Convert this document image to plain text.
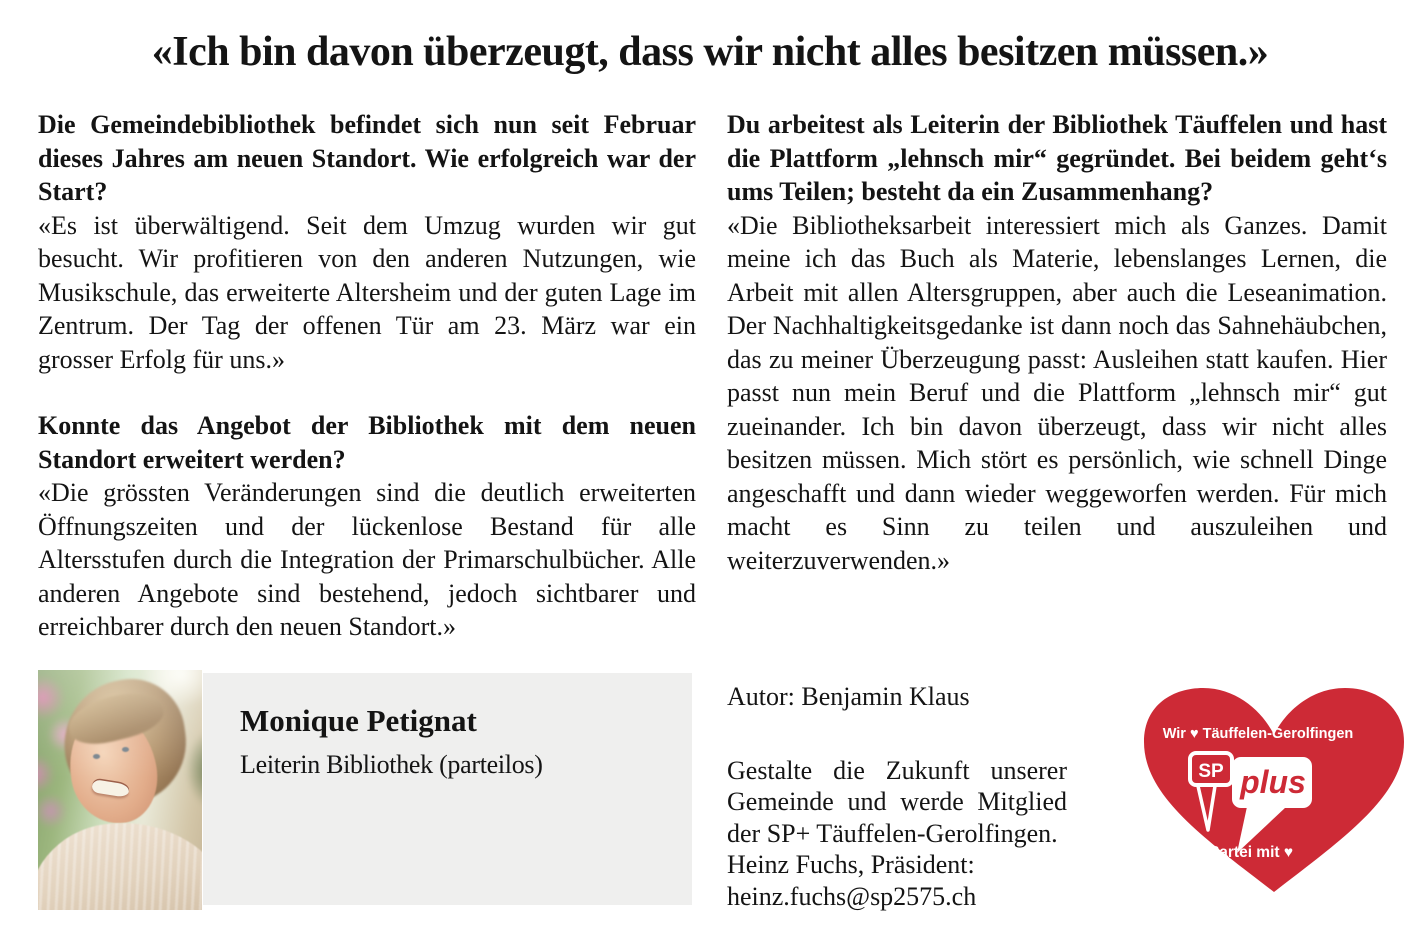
«Ich bin davon überzeugt, dass wir nicht alles besitzen müssen.»

Die Gemeindebibliothek befindet sich nun seit Februar dieses Jahres am neuen Standort. Wie erfolgreich war der Start?

«Es ist überwältigend. Seit dem Umzug wurden wir gut besucht. Wir profitieren von den anderen Nutzungen, wie Musikschule, das erweiterte Altersheim und der guten Lage im Zentrum. Der Tag der offenen Tür am 23. März war ein grosser Erfolg für uns.»

Konnte das Angebot der Bibliothek mit dem neuen Standort erweitert werden?

«Die grössten Veränderungen sind die deutlich erweiterten Öffnungszeiten und der lückenlose Bestand für alle Altersstufen durch die Integration der Primarschulbücher. Alle anderen Angebote sind bestehend, jedoch sichtbarer und erreichbarer durch den neuen Standort.»

Du arbeitest als Leiterin der Bibliothek Täuffelen und hast die Plattform „lehnsch mir“ gegründet. Bei beidem geht‘s ums Teilen; besteht da ein Zusammenhang?

«Die Bibliotheksarbeit interessiert mich als Ganzes. Damit meine ich das Buch als Materie, lebenslanges Lernen, die Arbeit mit allen Altersgruppen, aber auch die Leseanimation. Der Nachhaltigkeitsgedanke ist dann noch das Sahnehäubchen, das zu meiner Überzeugung passt: Ausleihen statt kaufen. Hier passt nun mein Beruf und die Plattform „lehnsch mir“ gut zueinander. Ich bin davon überzeugt, dass wir nicht alles besitzen müssen. Mich stört es persönlich, wie schnell Dinge angeschafft und dann wieder weggeworfen werden. Für mich macht es Sinn zu teilen und auszuleihen und weiterzuverwenden.»

Monique Petignat
Leiterin Bibliothek (parteilos)

Autor: Benjamin Klaus

Gestalte die Zukunft unserer Gemeinde und werde Mitglied der SP+ Täuffelen-Gerolfingen.

Heinz Fuchs, Präsident:

heinz.fuchs@sp2575.ch

SP plus
Wir ♥ Täuffelen-Gerolfingen
Partei mit ♥
